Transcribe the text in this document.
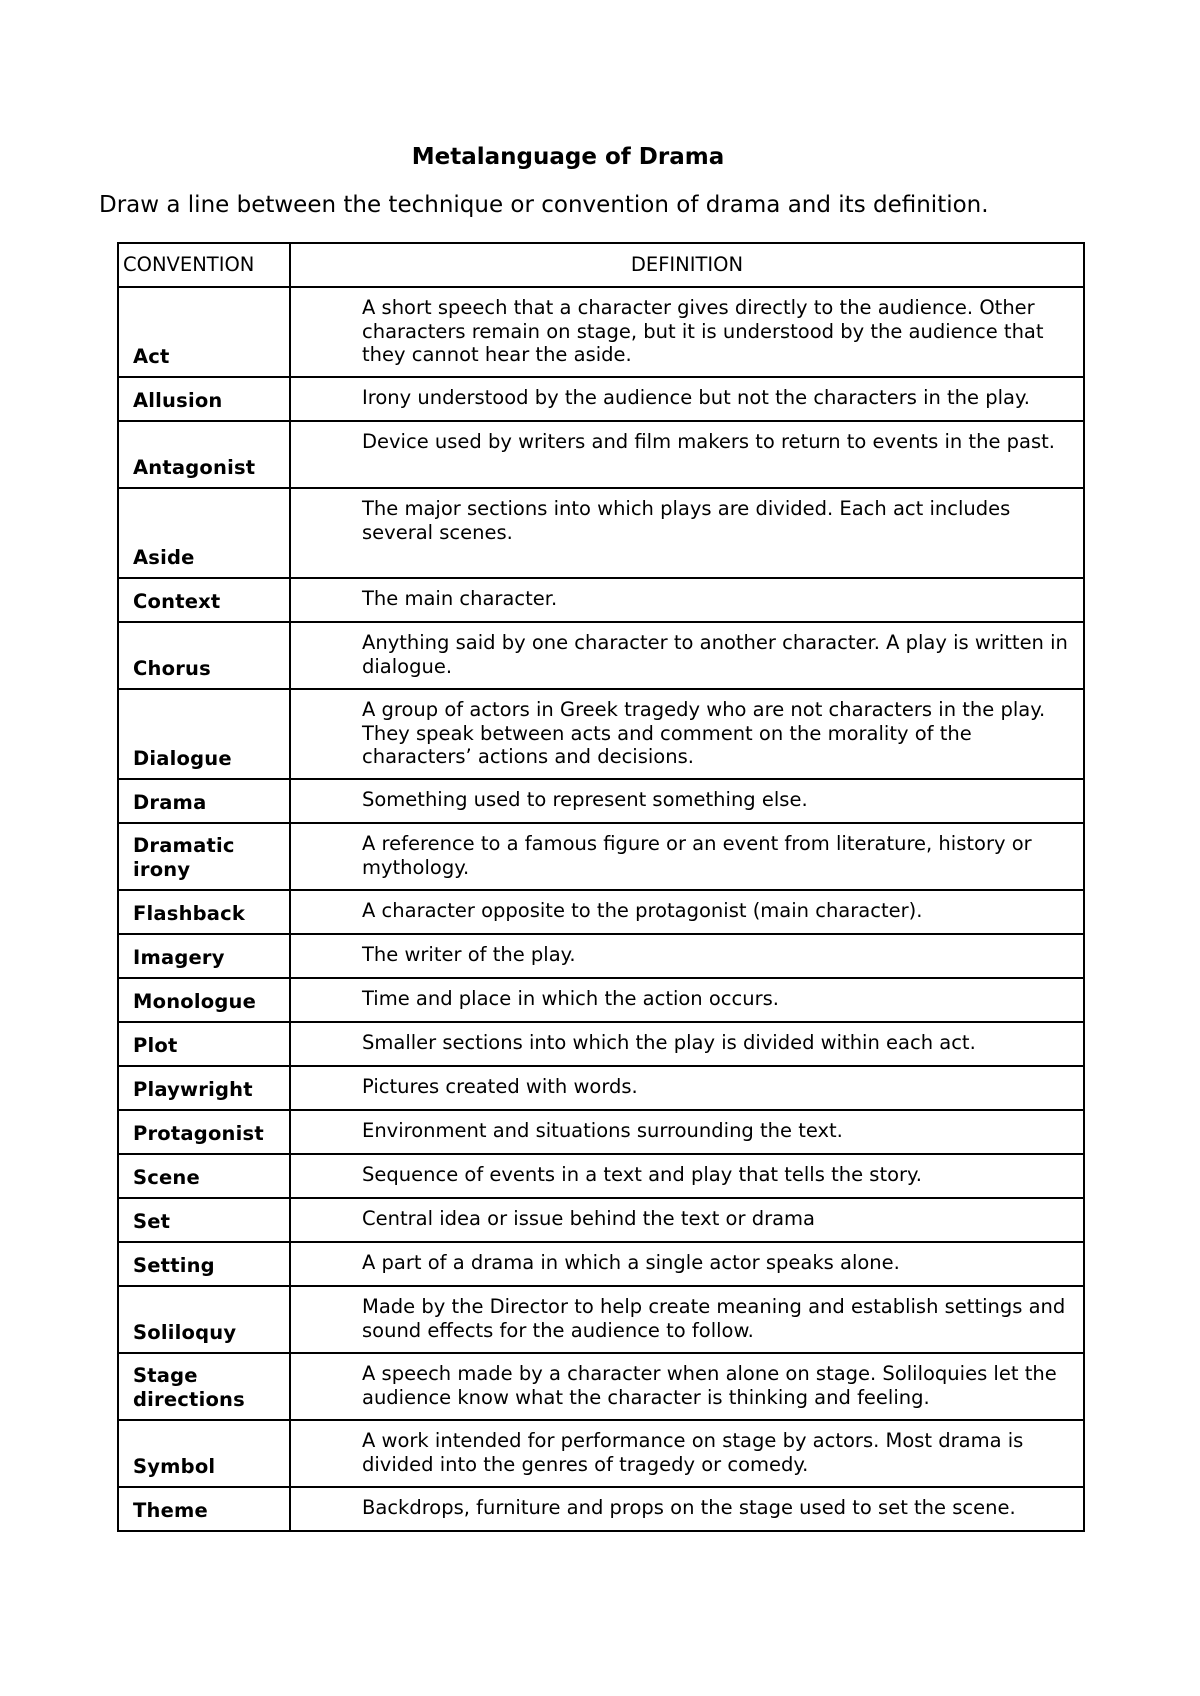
Metalanguage of Drama
Draw a line between the technique or convention of drama and its definition.
CONVENTION	DEFINITION
Act	A short speech that a character gives directly to the audience. Other characters remain on stage, but it is understood by the audience that they cannot hear the aside.
Allusion	Irony understood by the audience but not the characters in the play.
Antagonist	Device used by writers and film makers to return to events in the past.
Aside	The major sections into which plays are divided. Each act includes several scenes.
Context	The main character.
Chorus	Anything said by one character to another character. A play is written in dialogue.
Dialogue	A group of actors in Greek tragedy who are not characters in the play. They speak between acts and comment on the morality of the characters’ actions and decisions.
Drama	Something used to represent something else.
Dramatic irony	A reference to a famous figure or an event from literature, history or mythology.
Flashback	A character opposite to the protagonist (main character).
Imagery	The writer of the play.
Monologue	Time and place in which the action occurs.
Plot	Smaller sections into which the play is divided within each act.
Playwright	Pictures created with words.
Protagonist	Environment and situations surrounding the text.
Scene	Sequence of events in a text and play that tells the story.
Set	Central idea or issue behind the text or drama
Setting	A part of a drama in which a single actor speaks alone.
Soliloquy	Made by the Director to help create meaning and establish settings and sound effects for the audience to follow.
Stage directions	A speech made by a character when alone on stage. Soliloquies let the audience know what the character is thinking and feeling.
Symbol	A work intended for performance on stage by actors. Most drama is divided into the genres of tragedy or comedy.
Theme	Backdrops, furniture and props on the stage used to set the scene.
